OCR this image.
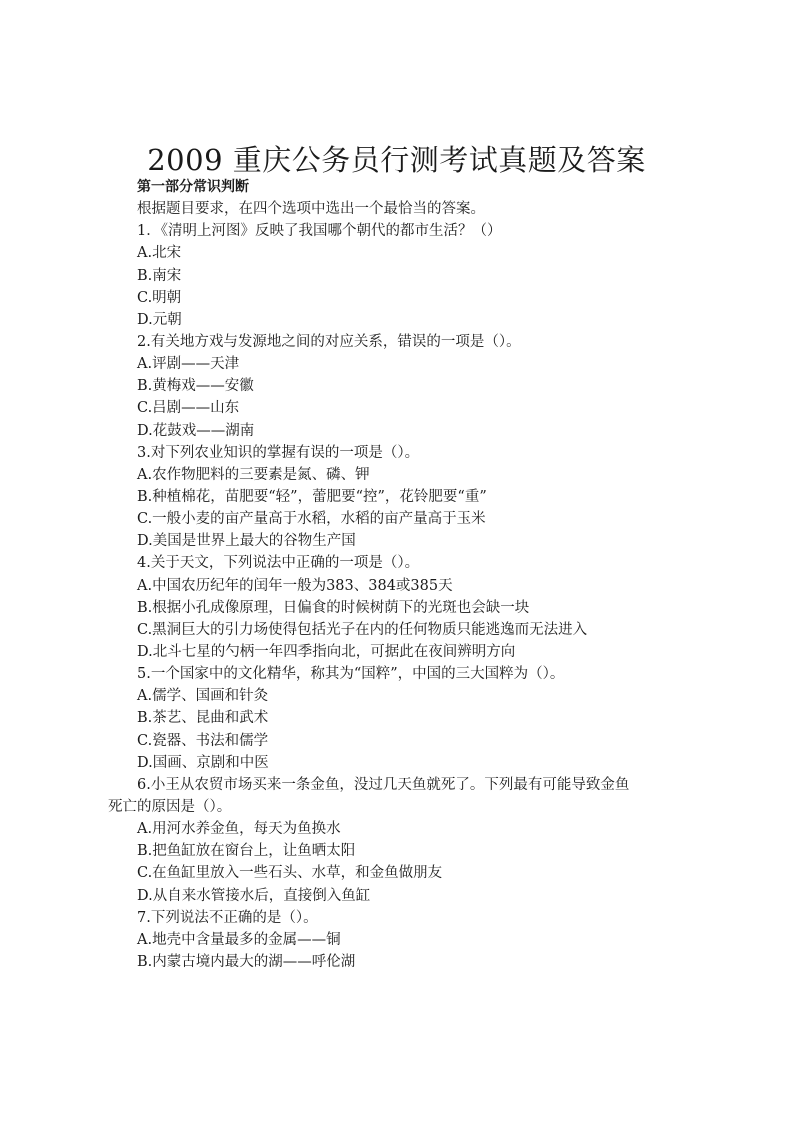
2009 重庆公务员行测考试真题及答案
第一部分常识判断
根据题目要求，在四个选项中选出一个最恰当的答案。
1．《清明上河图》反映了我国哪个朝代的都市生活？（）
A.北宋
B.南宋
C.明朝
D.元朝
2.有关地方戏与发源地之间的对应关系，错误的一项是（）。
A.评剧——天津
B.黄梅戏——安徽
C.吕剧——山东
D.花鼓戏——湖南
3.对下列农业知识的掌握有误的一项是（）。
A.农作物肥料的三要素是氮、磷、钾
B.种植棉花，苗肥要“轻”，蕾肥要“控”，花铃肥要“重”
C.一般小麦的亩产量高于水稻，水稻的亩产量高于玉米
D.美国是世界上最大的谷物生产国
4.关于天文，下列说法中正确的一项是（）。
A.中国农历纪年的闰年一般为383、384或385天
B.根据小孔成像原理，日偏食的时候树荫下的光斑也会缺一块
C.黑洞巨大的引力场使得包括光子在内的任何物质只能逃逸而无法进入
D.北斗七星的勺柄一年四季指向北，可据此在夜间辨明方向
5.一个国家中的文化精华，称其为“国粹”，中国的三大国粹为（）。
A.儒学、国画和针灸
B.茶艺、昆曲和武术
C.瓷器、书法和儒学
D.国画、京剧和中医
6.小王从农贸市场买来一条金鱼，没过几天鱼就死了。下列最有可能导致金鱼
死亡的原因是（）。
A.用河水养金鱼，每天为鱼换水
B.把鱼缸放在窗台上，让鱼晒太阳
C.在鱼缸里放入一些石头、水草，和金鱼做朋友
D.从自来水管接水后，直接倒入鱼缸
7.下列说法不正确的是（）。
A.地壳中含量最多的金属——铜
B.内蒙古境内最大的湖——呼伦湖
